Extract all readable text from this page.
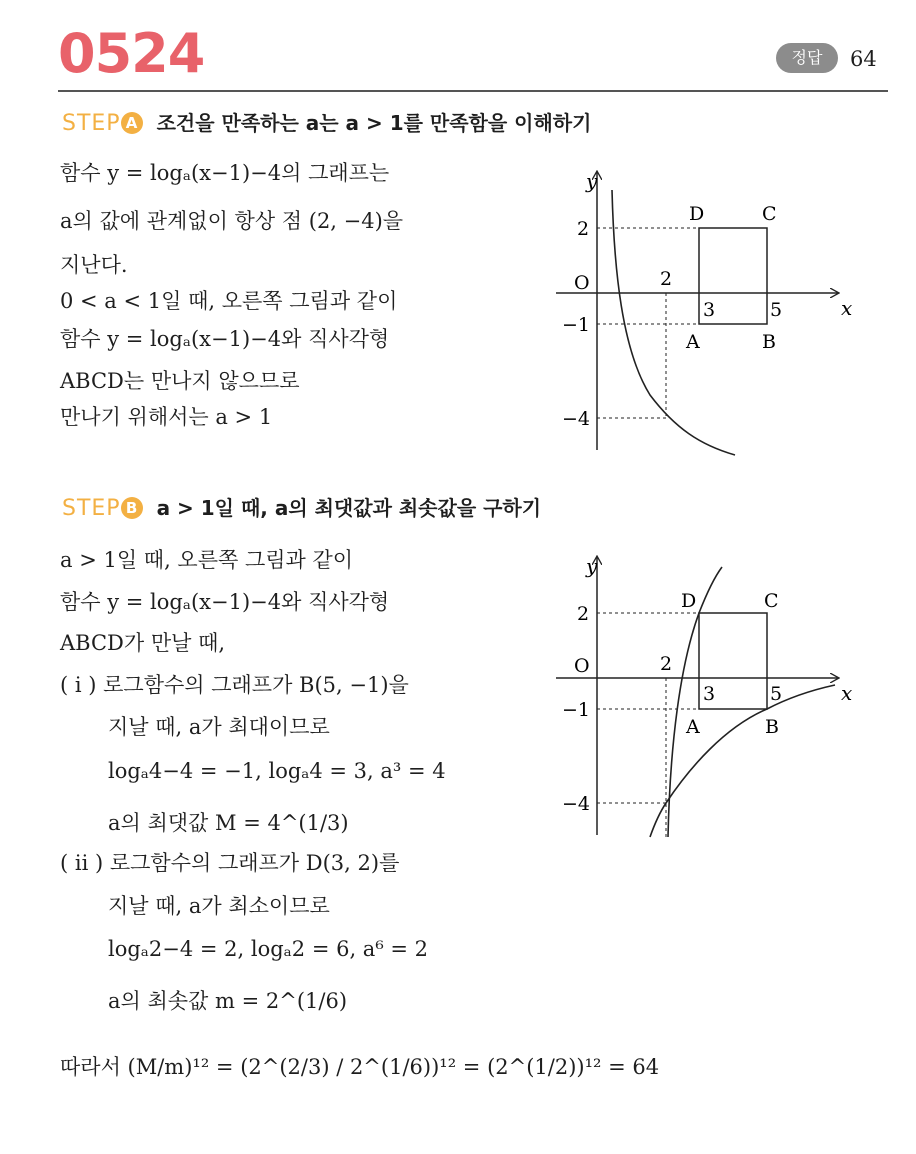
0524	정답	64
STEP A 조건을 만족하는 a는 a > 1를 만족함을 이해하기
함수 y = logₐ(x−1)−4의 그래프는
a의 값에 관계없이 항상 점 (2, −4)을
지난다.
0 < a < 1일 때, 오른쪽 그림과 같이
함수 y = logₐ(x−1)−4와 직사각형
ABCD는 만나지 않으므로
만나기 위해서는 a > 1
y
x
O
2
−1
−4
2
3	5
A	B
C
D
STEP B a > 1일 때, a의 최댓값과 최솟값을 구하기
a > 1일 때, 오른쪽 그림과 같이
함수 y = logₐ(x−1)−4와 직사각형
ABCD가 만날 때,
( i ) 로그함수의 그래프가 B(5, −1)을
지날 때, a가 최대이므로
logₐ4−4 = −1, logₐ4 = 3, a³ = 4
a의 최댓값 M = 4^(1/3)
( ii ) 로그함수의 그래프가 D(3, 2)를
지날 때, a가 최소이므로
logₐ2−4 = 2, logₐ2 = 6, a⁶ = 2
a의 최솟값 m = 2^(1/6)
따라서 (M/m)¹² = (2^(2/3) / 2^(1/6))¹² = (2^(1/2))¹² = 64
y
x
O
2
−1
−4
2
3	5
A	B
C
D
